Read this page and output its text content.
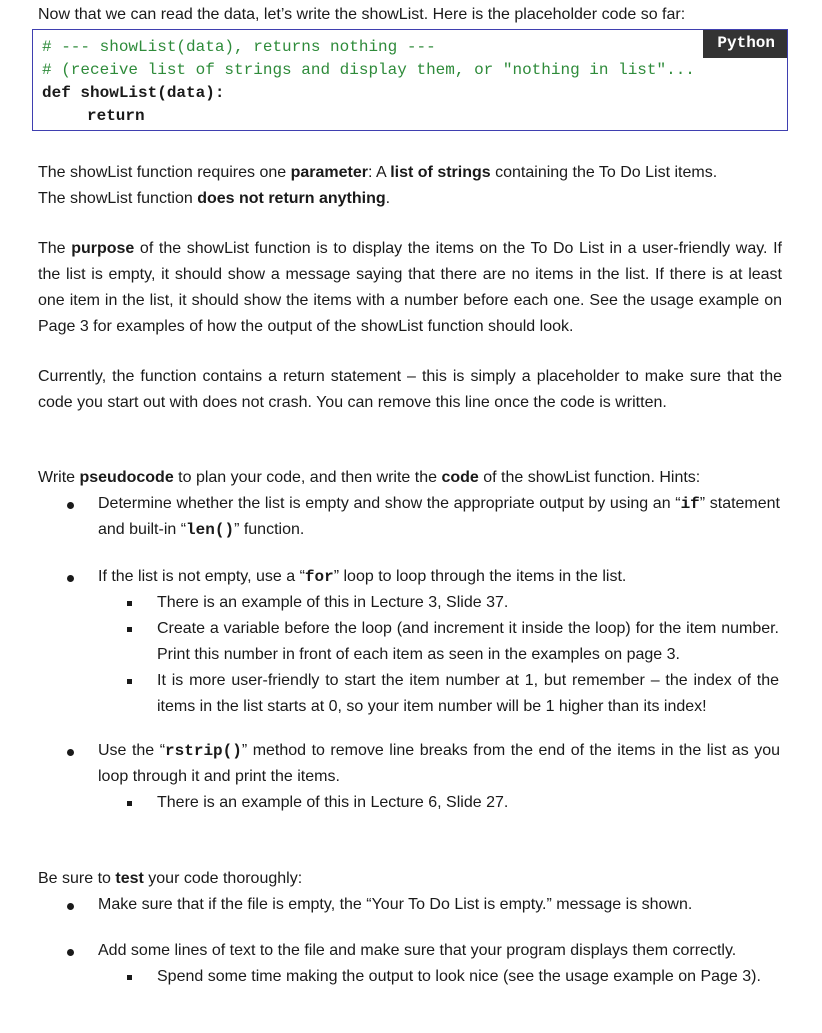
Now that we can read the data, let’s write the showList. Here is the placeholder code so far:
Python
# --- showList(data), returns nothing ---
# (receive list of strings and display them, or "nothing in list"...
def showList(data):
return
The showList function requires one parameter: A list of strings containing the To Do List items.
The showList function does not return anything.
The purpose of the showList function is to display the items on the To Do List in a user-friendly way. If the list is empty, it should show a message saying that there are no items in the list. If there is at least one item in the list, it should show the items with a number before each one. See the usage example on Page 3 for examples of how the output of the showList function should look.
Currently, the function contains a return statement – this is simply a placeholder to make sure that the code you start out with does not crash. You can remove this line once the code is written.
Write pseudocode to plan your code, and then write the code of the showList function. Hints:
Determine whether the list is empty and show the appropriate output by using an “if” statement and built-in “len()” function.
If the list is not empty, use a “for” loop to loop through the items in the list.
There is an example of this in Lecture 3, Slide 37.
Create a variable before the loop (and increment it inside the loop) for the item number. Print this number in front of each item as seen in the examples on page 3.
It is more user-friendly to start the item number at 1, but remember – the index of the items in the list starts at 0, so your item number will be 1 higher than its index!
Use the “rstrip()” method to remove line breaks from the end of the items in the list as you loop through it and print the items.
There is an example of this in Lecture 6, Slide 27.
Be sure to test your code thoroughly:
Make sure that if the file is empty, the “Your To Do List is empty.” message is shown.
Add some lines of text to the file and make sure that your program displays them correctly.
Spend some time making the output to look nice (see the usage example on Page 3).
